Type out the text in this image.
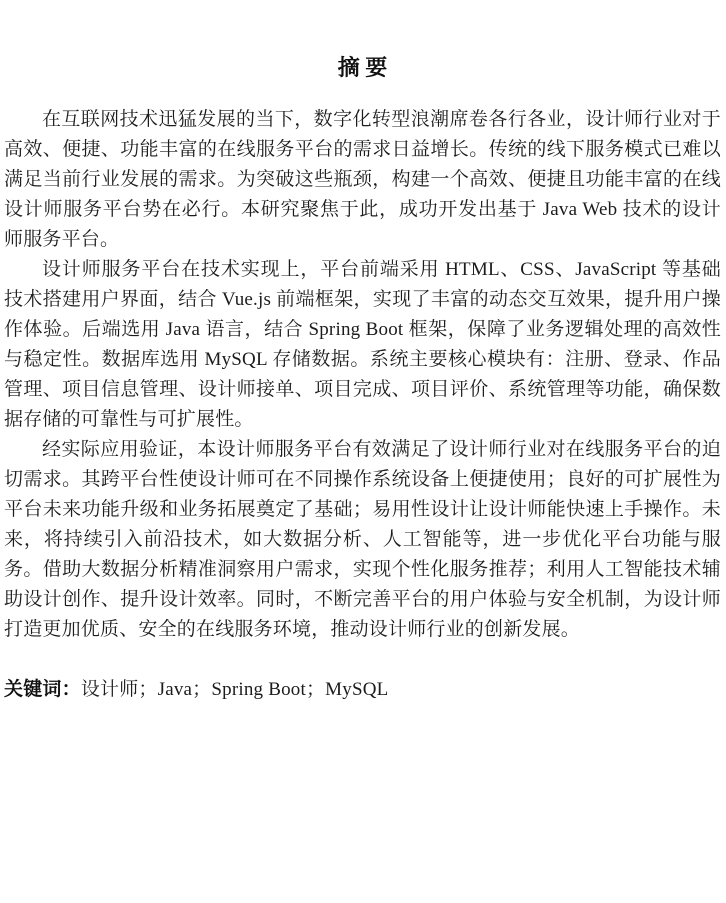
摘 要

在互联网技术迅猛发展的当下，数字化转型浪潮席卷各行各业，设计师行业对于高效、便捷、功能丰富的在线服务平台的需求日益增长。传统的线下服务模式已难以满足当前行业发展的需求。为突破这些瓶颈，构建一个高效、便捷且功能丰富的在线设计师服务平台势在必行。本研究聚焦于此，成功开发出基于 Java Web 技术的设计师服务平台。

设计师服务平台在技术实现上，平台前端采用 HTML、CSS、JavaScript 等基础技术搭建用户界面，结合 Vue.js 前端框架，实现了丰富的动态交互效果，提升用户操作体验。后端选用 Java 语言，结合 Spring Boot 框架，保障了业务逻辑处理的高效性与稳定性。数据库选用 MySQL 存储数据。系统主要核心模块有：注册、登录、作品管理、项目信息管理、设计师接单、项目完成、项目评价、系统管理等功能，确保数据存储的可靠性与可扩展性。

经实际应用验证，本设计师服务平台有效满足了设计师行业对在线服务平台的迫切需求。其跨平台性使设计师可在不同操作系统设备上便捷使用；良好的可扩展性为平台未来功能升级和业务拓展奠定了基础；易用性设计让设计师能快速上手操作。未来，将持续引入前沿技术，如大数据分析、人工智能等，进一步优化平台功能与服务。借助大数据分析精准洞察用户需求，实现个性化服务推荐；利用人工智能技术辅助设计创作、提升设计效率。同时，不断完善平台的用户体验与安全机制，为设计师打造更加优质、安全的在线服务环境，推动设计师行业的创新发展。

关键词：设计师；Java；Spring Boot；MySQL
